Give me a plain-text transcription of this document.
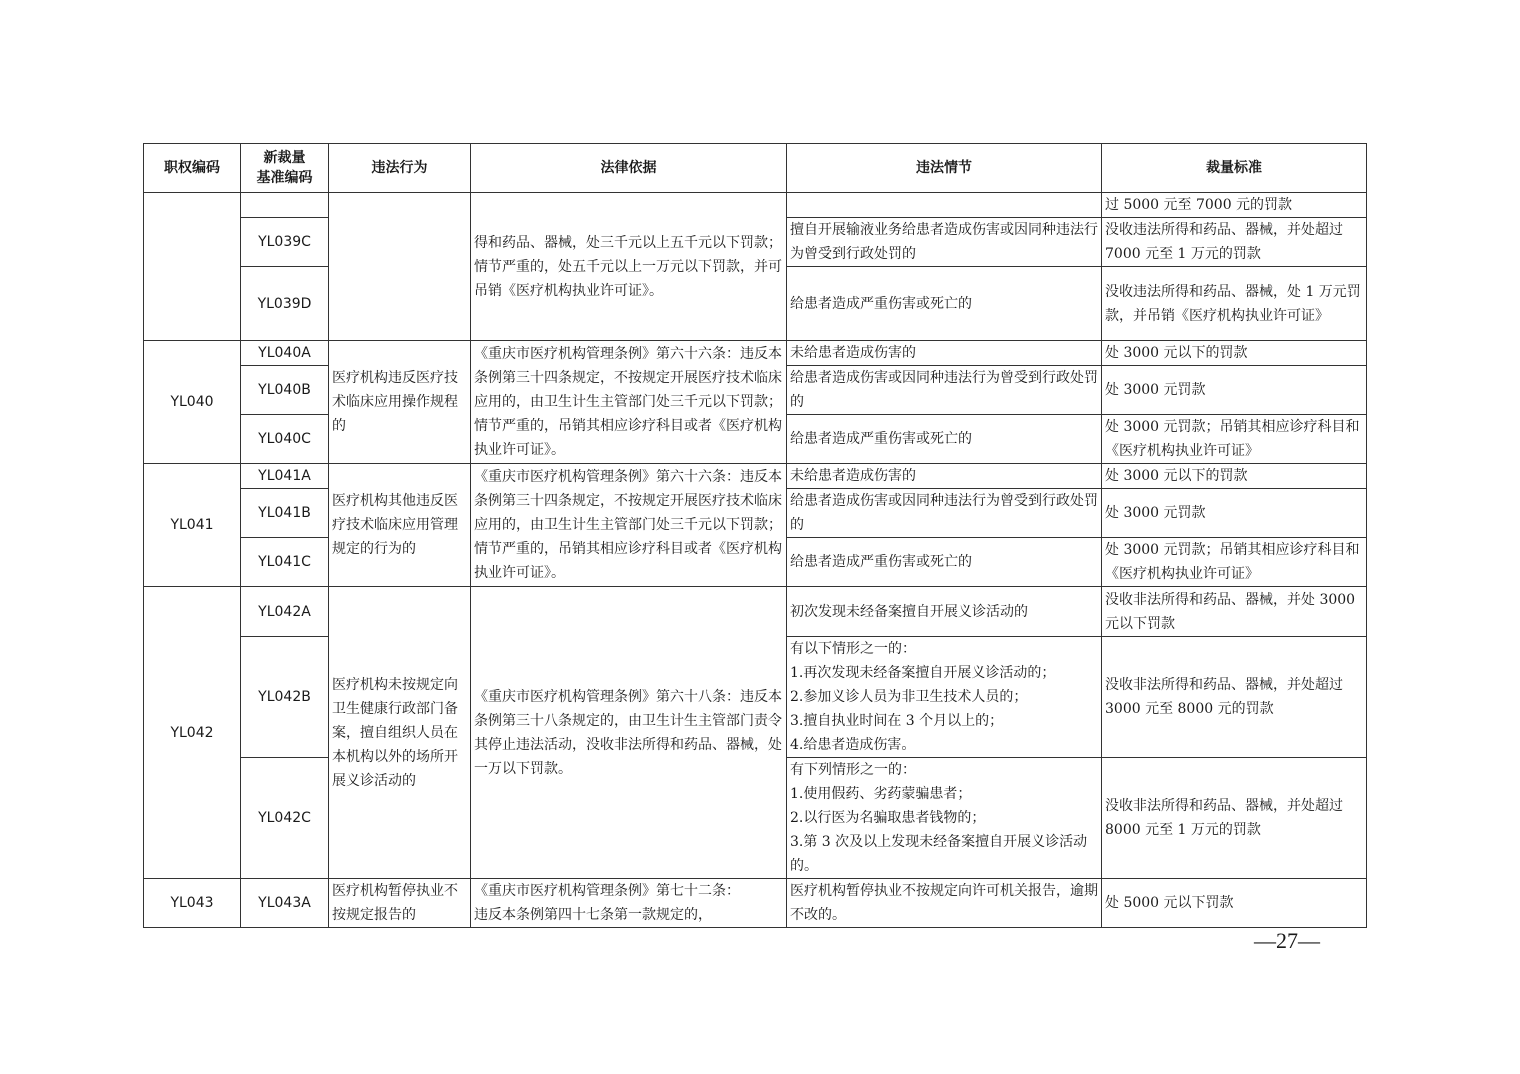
职权编码	新裁量
基准编码	违法行为	法律依据	违法情节	裁量标准
			得和药品、器械，处三千元以上五千元以下罚款；情节严重的，处五千元以上一万元以下罚款，并可吊销《医疗机构执业许可证》。		过 5000 元至 7000 元的罚款
	YL039C			擅自开展输液业务给患者造成伤害或因同种违法行为曾受到行政处罚的	没收违法所得和药品、器械，并处超过 7000 元至 1 万元的罚款
	YL039D			给患者造成严重伤害或死亡的	没收违法所得和药品、器械，处 1 万元罚款，并吊销《医疗机构执业许可证》
YL040	YL040A	医疗机构违反医疗技术临床应用操作规程的	《重庆市医疗机构管理条例》第六十六条：违反本条例第三十四条规定，不按规定开展医疗技术临床应用的，由卫生计生主管部门处三千元以下罚款；情节严重的，吊销其相应诊疗科目或者《医疗机构执业许可证》。	未给患者造成伤害的	处 3000 元以下的罚款
	YL040B			给患者造成伤害或因同种违法行为曾受到行政处罚的	处 3000 元罚款
	YL040C			给患者造成严重伤害或死亡的	处 3000 元罚款；吊销其相应诊疗科目和《医疗机构执业许可证》
YL041	YL041A	医疗机构其他违反医疗技术临床应用管理规定的行为的	《重庆市医疗机构管理条例》第六十六条：违反本条例第三十四条规定，不按规定开展医疗技术临床应用的，由卫生计生主管部门处三千元以下罚款；情节严重的，吊销其相应诊疗科目或者《医疗机构执业许可证》。	未给患者造成伤害的	处 3000 元以下的罚款
	YL041B			给患者造成伤害或因同种违法行为曾受到行政处罚的	处 3000 元罚款
	YL041C			给患者造成严重伤害或死亡的	处 3000 元罚款；吊销其相应诊疗科目和《医疗机构执业许可证》
YL042	YL042A	医疗机构未按规定向卫生健康行政部门备案，擅自组织人员在本机构以外的场所开展义诊活动的	《重庆市医疗机构管理条例》第六十八条：违反本条例第三十八条规定的，由卫生计生主管部门责令其停止违法活动，没收非法所得和药品、器械，处一万以下罚款。	初次发现未经备案擅自开展义诊活动的	没收非法所得和药品、器械，并处 3000 元以下罚款
	YL042B			有以下情形之一的：
1.再次发现未经备案擅自开展义诊活动的；
2.参加义诊人员为非卫生技术人员的；
3.擅自执业时间在 3 个月以上的；
4.给患者造成伤害。	没收非法所得和药品、器械，并处超过 3000 元至 8000 元的罚款
	YL042C			有下列情形之一的：
1.使用假药、劣药蒙骗患者；
2.以行医为名骗取患者钱物的；
3.第 3 次及以上发现未经备案擅自开展义诊活动的。	没收非法所得和药品、器械，并处超过 8000 元至 1 万元的罚款
YL043	YL043A	医疗机构暂停执业不按规定报告的	《重庆市医疗机构管理条例》第七十二条：
违反本条例第四十七条第一款规定的，	医疗机构暂停执业不按规定向许可机关报告，逾期不改的。	处 5000 元以下罚款
—27—
